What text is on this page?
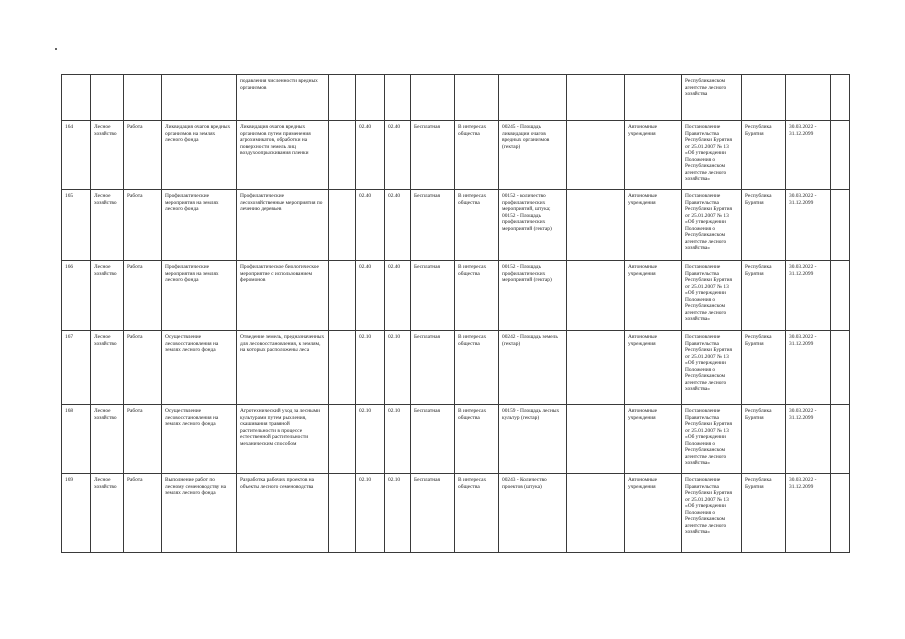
				подавления численности вредных организмов									Республиканском агентстве лесного хозяйства			
164	Лесное хозяйство	Работа	Ликвидация очагов вредных организмов на землях лесного фонда	Ликвидация очагов вредных организмов путем применения агрохимикатов, обработки на поверхности земель лиц воздухоопрыскивания пленки		02.40	02.40	Бесплатная	В интересах общества	00245 - Площадь ликвидации очагов вредных организмов (гектар)		Автономные учреждения	Постановление Правительства Республики Бурятия от 25.01.2007 № 13 «Об утверждении Положения о Республиканском агентстве лесного хозяйства»	Республика Бурятия	30.03.2022 - 31.12.2099	
165	Лесное хозяйство	Работа	Профилактические мероприятия на землях лесного фонда	Профилактические лесохозяйственные мероприятия по лечению деревьев		02.40	02.40	Бесплатная	В интересах общества	00152 - количество профилактических мероприятий, штука; 00152 - Площадь профилактических мероприятий (гектар)		Автономные учреждения	Постановление Правительства Республики Бурятия от 25.01.2007 № 13 «Об утверждении Положения о Республиканском агентстве лесного хозяйства»	Республика Бурятия	30.03.2022 - 31.12.2099	
166	Лесное хозяйство	Работа	Профилактические мероприятия на землях лесного фонда	Профилактическое биологическое мероприятие с использованием феромонов		02.40	02.40	Бесплатная	В интересах общества	00152 - Площадь профилактических мероприятий (гектар)		Автономные учреждения	Постановление Правительства Республики Бурятия от 25.01.2007 № 13 «Об утверждении Положения о Республиканском агентстве лесного хозяйства»	Республика Бурятия	30.03.2022 - 31.12.2099	
167	Лесное хозяйство	Работа	Осуществление лесовосстановления на землях лесного фонда	Отведение земель, предназначенных для лесовосстановления, к землям, на которых расположены леса		02.10	02.10	Бесплатная	В интересах общества	00242 - Площадь земель (гектар)		Автономные учреждения	Постановление Правительства Республики Бурятия от 25.01.2007 № 13 «Об утверждении Положения о Республиканском агентстве лесного хозяйства»	Республика Бурятия	30.03.2022 - 31.12.2099	
168	Лесное хозяйство	Работа	Осуществление лесовосстановления на землях лесного фонда	Агротехнический уход за лесными культурами путем рыхления, скашивания травяной растительности в процессе естественной растительности механическим способом		02.10	02.10	Бесплатная	В интересах общества	00159 - Площадь лесных культур (гектар)		Автономные учреждения	Постановление Правительства Республики Бурятия от 25.01.2007 № 13 «Об утверждении Положения о Республиканском агентстве лесного хозяйства»	Республика Бурятия	30.03.2022 - 31.12.2099	
169	Лесное хозяйство	Работа	Выполнение работ по лесному семеноводству на землях лесного фонда	Разработка рабочих проектов на объекты лесного семеноводства		02.10	02.10	Бесплатная	В интересах общества	00243 - Количество проектов (штука)		Автономные учреждения	Постановление Правительства Республики Бурятия от 25.01.2007 № 13 «Об утверждении Положения о Республиканском агентстве лесного хозяйства»	Республика Бурятия	30.03.2022 - 31.12.2099	
